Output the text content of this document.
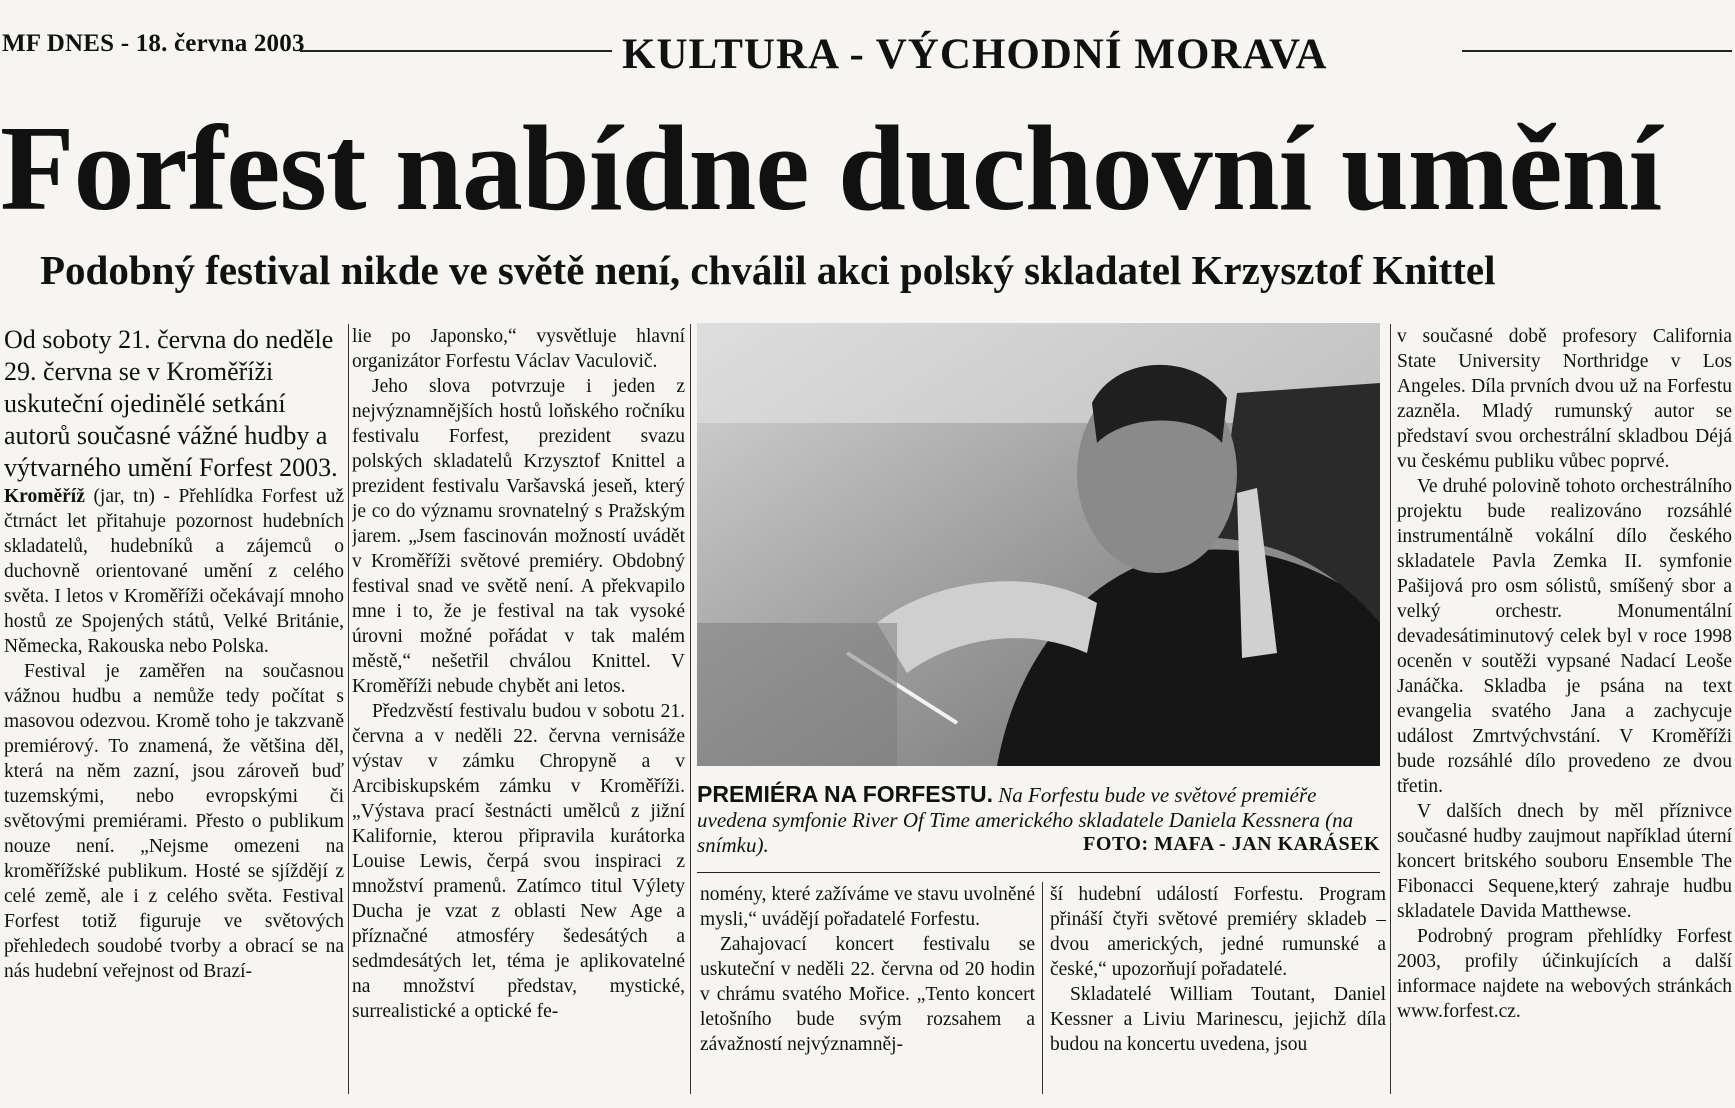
MF DNES - 18. června 2003	KULTURA - VÝCHODNÍ MORAVA
Forfest nabídne duchovní umění
Podobný festival nikde ve světě není, chválil akci polský skladatel Krzysztof Knittel

Od soboty 21. června do neděle 29. června se v Kroměříži uskuteční ojedinělé setkání autorů současné vážné hudby a výtvarného umění Forfest 2003.

Kroměříž (jar, tn) - Přehlídka Forfest už čtrnáct let přitahuje pozornost hudebních skladatelů, hudebníků a zájemců o duchovně orientované umění z celého světa. I letos v Kroměříži očekávají mnoho hostů ze Spojených států, Velké Británie, Německa, Rakouska nebo Polska.

Festival je zaměřen na současnou vážnou hudbu a nemůže tedy počítat s masovou odezvou. Kromě toho je takzvaně premiérový. To znamená, že většina děl, která na něm zazní, jsou zároveň buď tuzemskými, nebo evropskými či světovými premiérami. Přesto o publikum nouze není. „Nejsme omezeni na kroměřížské publikum. Hosté se sjíždějí z celé země, ale i z celého světa. Festival Forfest totiž figuruje ve světových přehledech soudobé tvorby a obrací se na nás hudební veřejnost od Brazí-

lie po Japonsko,“ vysvětluje hlavní organizátor Forfestu Václav Vaculovič.

Jeho slova potvrzuje i jeden z nejvýznamnějších hostů loňského ročníku festivalu Forfest, prezident svazu polských skladatelů Krzysztof Knittel a prezident festivalu Varšavská jeseň, který je co do významu srovnatelný s Pražským jarem. „Jsem fascinován možností uvádět v Kroměříži světové premiéry. Obdobný festival snad ve světě není. A překvapilo mne i to, že je festival na tak vysoké úrovni možné pořádat v tak malém městě,“ nešetřil chválou Knittel. V Kroměříži nebude chybět ani letos.

Předzvěstí festivalu budou v sobotu 21. června a v neděli 22. června vernisáže výstav v zámku Chropyně a v Arcibiskupském zámku v Kroměříži. „Výstava prací šestnácti umělců z jižní Kalifornie, kterou připravila kurátorka Louise Lewis, čerpá svou inspiraci z množství pramenů. Zatímco titul Výlety Ducha je vzat z oblasti New Age a příznačné atmosféry šedesátých a sedmdesátých let, téma je aplikovatelné na množství představ, mystické, surrealistické a optické fe-

PREMIÉRA NA FORFESTU. Na Forfestu bude ve světové premiéře uvedena symfonie River Of Time amerického skladatele Daniela Kessnera (na snímku).	FOTO: MAFA - JAN KARÁSEK

nomény, které zažíváme ve stavu uvolněné mysli,“ uvádějí pořadatelé Forfestu.

Zahajovací koncert festivalu se uskuteční v neděli 22. června od 20 hodin v chrámu svatého Mořice. „Tento koncert letošního bude svým rozsahem a závažností nejvýznamněj-

ší hudební událostí Forfestu. Program přináší čtyři světové premiéry skladeb – dvou amerických, jedné rumunské a české,“ upozorňují pořadatelé.

Skladatelé William Toutant, Daniel Kessner a Liviu Marinescu, jejichž díla budou na koncertu uvedena, jsou

v současné době profesory California State University Northridge v Los Angeles. Díla prvních dvou už na Forfestu zazněla. Mladý rumunský autor se představí svou orchestrální skladbou Déjá vu českému publiku vůbec poprvé.

Ve druhé polovině tohoto orchestrálního projektu bude realizováno rozsáhlé instrumentálně vokální dílo českého skladatele Pavla Zemka II. symfonie Pašijová pro osm sólistů, smíšený sbor a velký orchestr. Monumentální devadesátiminutový celek byl v roce 1998 oceněn v soutěži vypsané Nadací Leoše Janáčka. Skladba je psána na text evangelia svatého Jana a zachycuje událost Zmrtvýchvstání. V Kroměříži bude rozsáhlé dílo provedeno ze dvou třetin.

V dalších dnech by měl příznivce současné hudby zaujmout například úterní koncert britského souboru Ensemble The Fibonacci Sequene,který zahraje hudbu skladatele Davida Matthewse.

Podrobný program přehlídky Forfest 2003, profily účinkujících a další informace najdete na webových stránkách www.forfest.cz.
